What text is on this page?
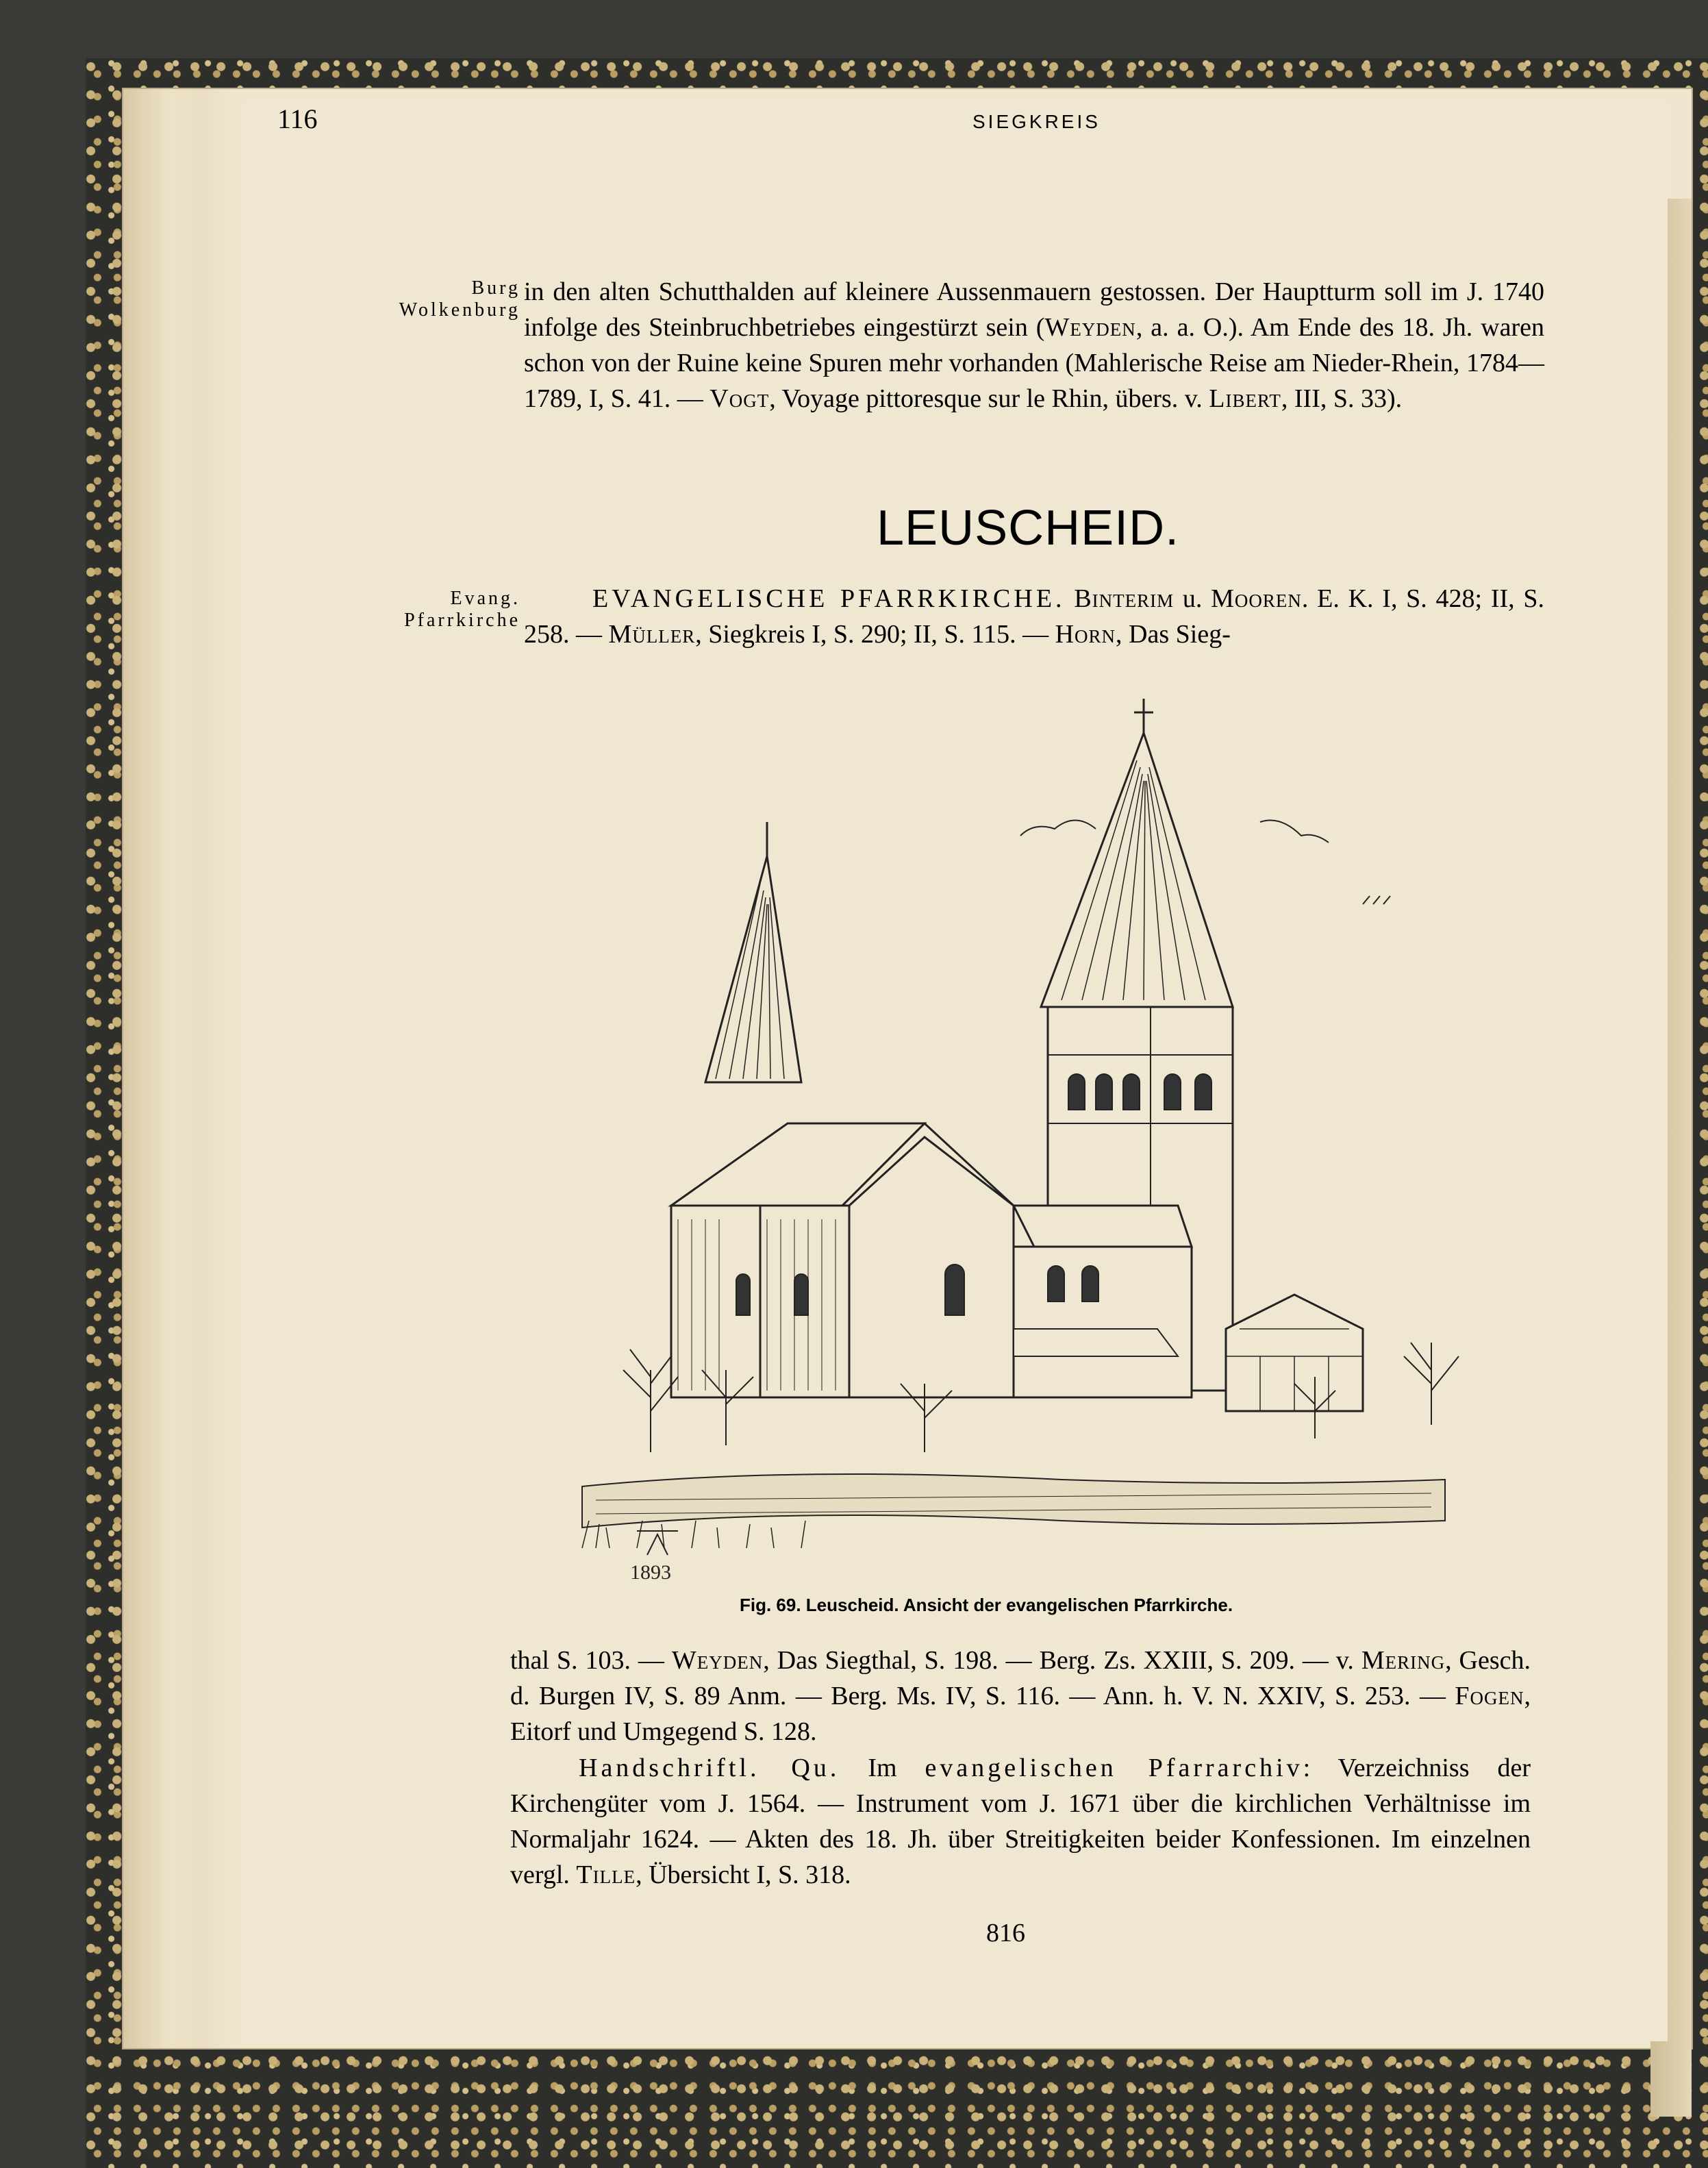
116	SIEGKREIS
Burg
Wolkenburg

in den alten Schutthalden auf kleinere Aussenmauern gestossen. Der Hauptturm soll im J. 1740 infolge des Steinbruchbetriebes eingestürzt sein (Weyden, a. a. O.). Am Ende des 18. Jh. waren schon von der Ruine keine Spuren mehr vorhanden (Mahlerische Reise am Nieder-Rhein, 1784—1789, I, S. 41. — Vogt, Voyage pittoresque sur le Rhin, übers. v. Libert, III, S. 33).

LEUSCHEID.
Evang.
Pfarrkirche

EVANGELISCHE PFARRKIRCHE. Binterim u. Mooren. E. K. I, S. 428; II, S. 258. — Müller, Siegkreis I, S. 290; II, S. 115. — Horn, Das Sieg-

1893
Fig. 69. Leuscheid. Ansicht der evangelischen Pfarrkirche.

thal S. 103. — Weyden, Das Siegthal, S. 198. — Berg. Zs. XXIII, S. 209. — v. Mering, Gesch. d. Burgen IV, S. 89 Anm. — Berg. Ms. IV, S. 116. — Ann. h. V. N. XXIV, S. 253. — Fogen, Eitorf und Umgegend S. 128.

Handschriftl. Qu. Im evangelischen Pfarrarchiv: Verzeichniss der Kirchengüter vom J. 1564. — Instrument vom J. 1671 über die kirchlichen Verhältnisse im Normaljahr 1624. — Akten des 18. Jh. über Streitigkeiten beider Konfessionen. Im einzelnen vergl. Tille, Übersicht I, S. 318.

816
